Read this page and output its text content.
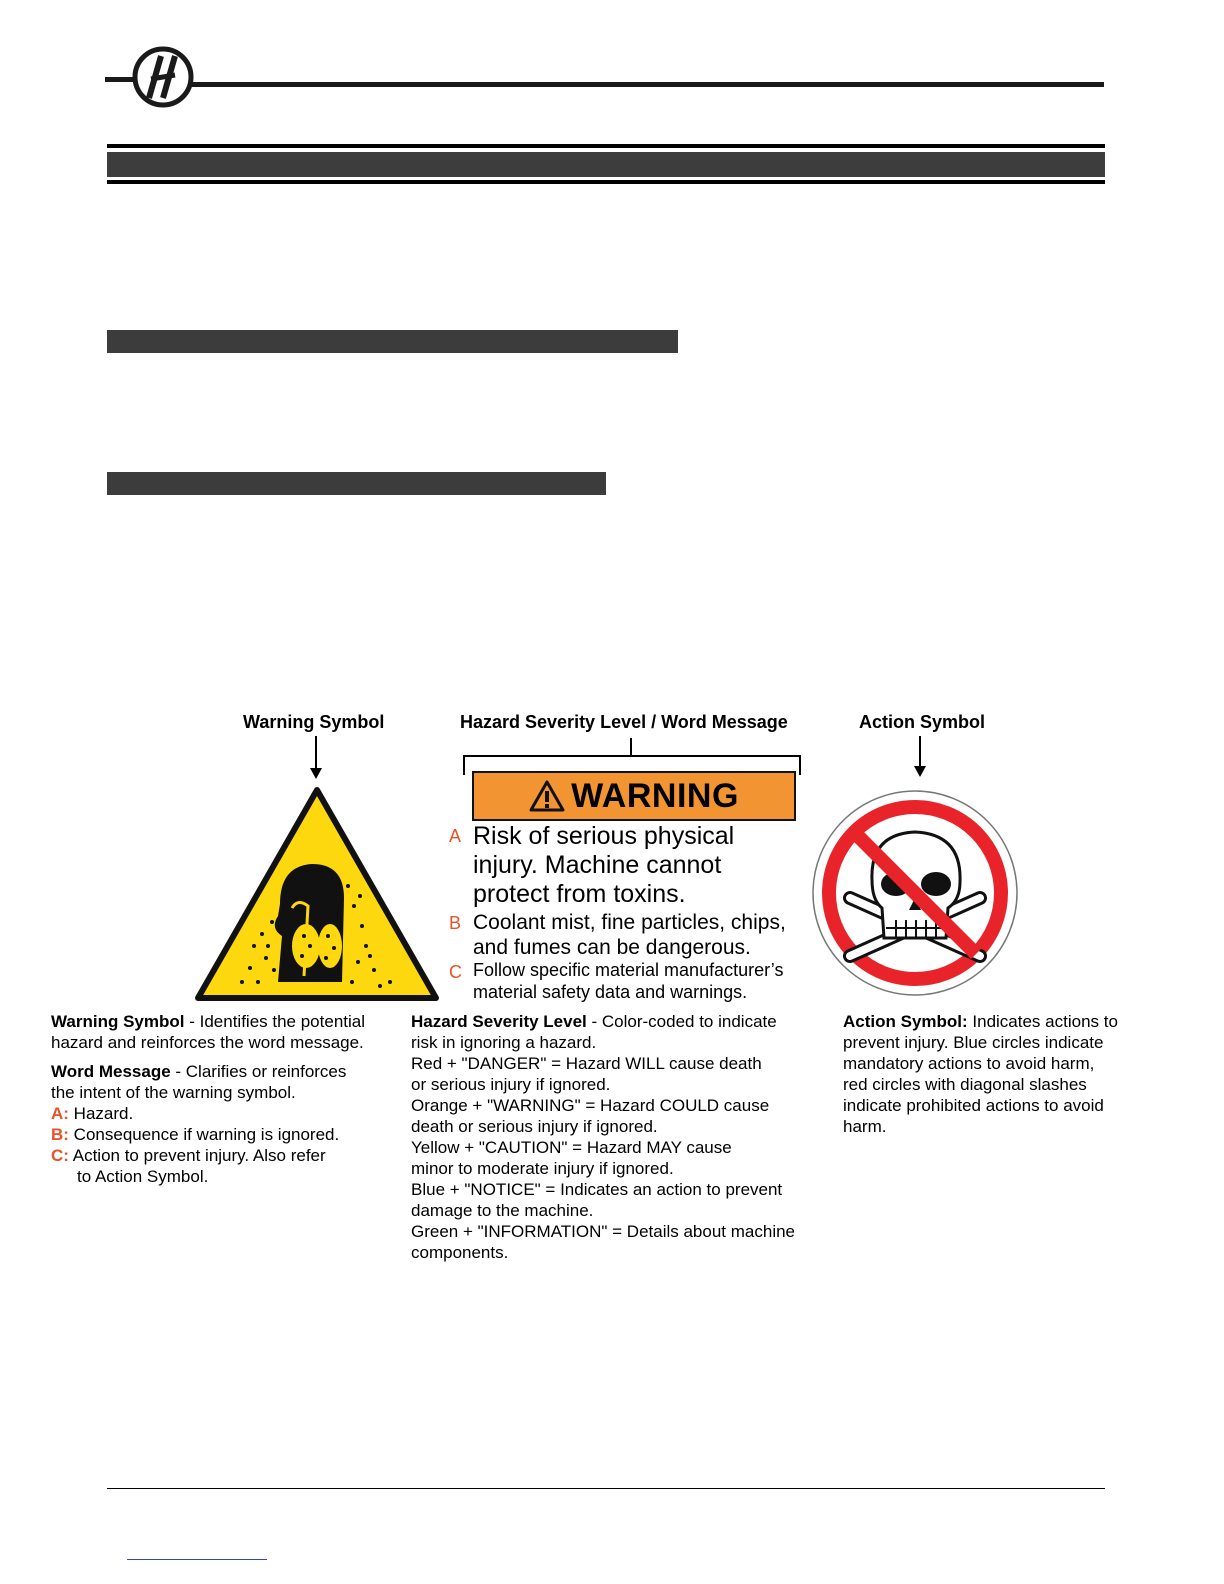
Warning Symbol	Hazard Severity Level / Word Message	Action Symbol
WARNING
A Risk of serious physical
injury. Machine cannot
protect from toxins.
B Coolant mist, fine particles, chips,
and fumes can be dangerous.
C Follow specific material manufacturer’s
material safety data and warnings.
Warning Symbol - Identifies the potential
hazard and reinforces the word message.
Word Message - Clarifies or reinforces
the intent of the warning symbol.
A: Hazard.
B: Consequence if warning is ignored.
C: Action to prevent injury. Also refer
to Action Symbol.
Hazard Severity Level - Color-coded to indicate
risk in ignoring a hazard.
Red + "DANGER" = Hazard WILL cause death
or serious injury if ignored.
Orange + "WARNING" = Hazard COULD cause
death or serious injury if ignored.
Yellow + "CAUTION" = Hazard MAY cause
minor to moderate injury if ignored.
Blue + "NOTICE" = Indicates an action to prevent
damage to the machine.
Green + "INFORMATION" = Details about machine
components.
Action Symbol: Indicates actions to
prevent injury. Blue circles indicate
mandatory actions to avoid harm,
red circles with diagonal slashes
indicate prohibited actions to avoid
harm.
